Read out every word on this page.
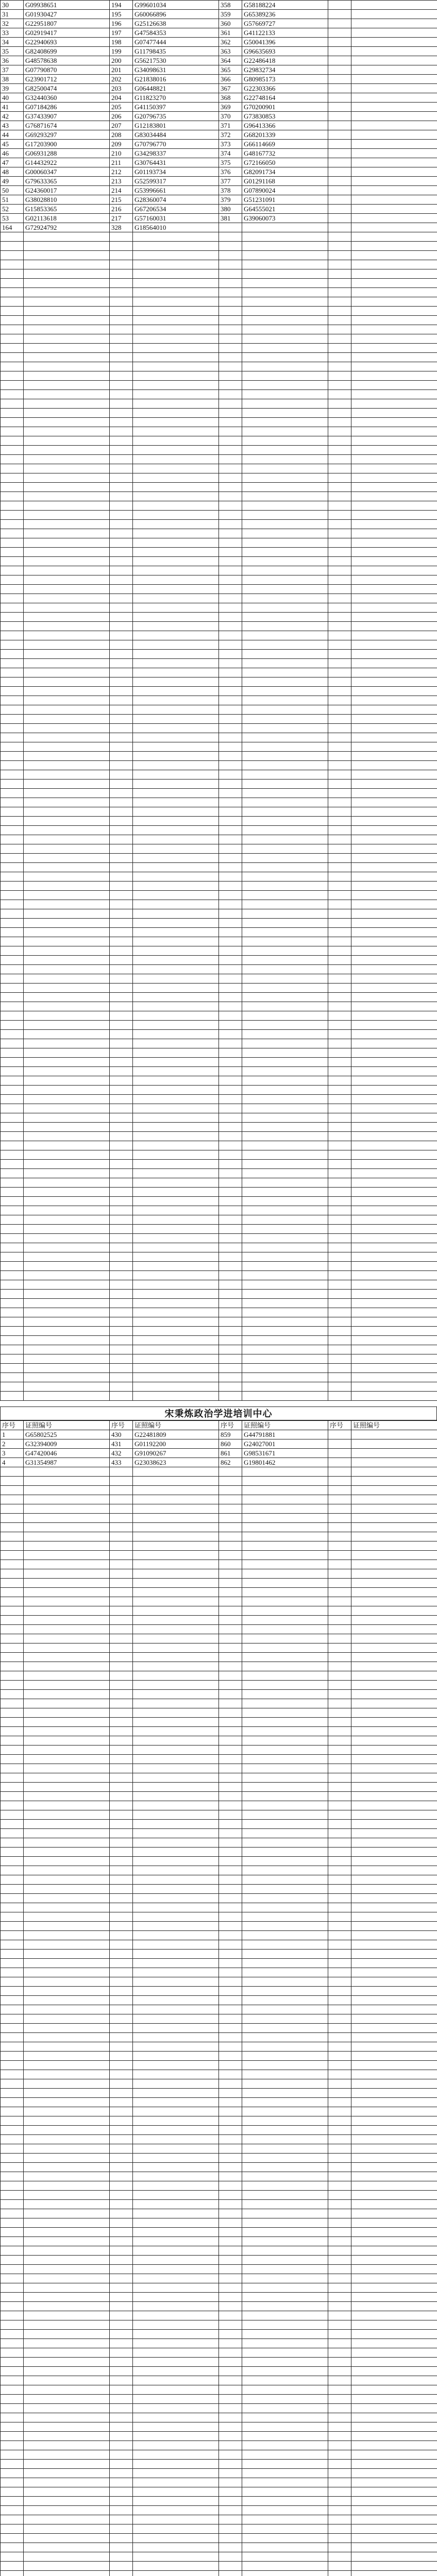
30	G09938651	194	G99601034	358	G58188224		
31	G01930427	195	G60066896	359	G65389236		
32	G22951807	196	G25126638	360	G57669727		
33	G02919417	197	G47584353	361	G41122133		
34	G22940693	198	G07477444	362	G50041396		
35	G82408699	199	G11798435	363	G96635693		
36	G48578638	200	G56217530	364	G22486418		
37	G07790870	201	G34098631	365	G29832734		
38	G23901712	202	G21838016	366	G80985173		
39	G82500474	203	G06448821	367	G22303366		
40	G32440360	204	G11823270	368	G22748164		
41	G07184286	205	G41150397	369	G70200901		
42	G37433907	206	G20796735	370	G73830853		
43	G76871674	207	G12183801	371	G96413366		
44	G69293297	208	G83034484	372	G68201339		
45	G17203900	209	G70796770	373	G66114669		
46	G06931288	210	G34298337	374	G48167732		
47	G14432922	211	G30764431	375	G72166050		
48	G00060347	212	G01193734	376	G82091734		
49	G79633365	213	G52599317	377	G01291168		
50	G24360017	214	G53996661	378	G07890024		
51	G38028810	215	G28360074	379	G51231091		
52	G15853365	216	G67206534	380	G64555021		
53	G02113618	217	G57160031	381	G39060073		
164	G72924792	328	G18564010				

宋秉炼政治学进培训中心
序号	证照编号	序号	证照编号	序号	证照编号	序号	证照编号
1	G65802525	430	G22481809	859	G44791881		
2	G32394009	431	G01192200	860	G24027001		
3	G47420046	432	G91090267	861	G98531671		
4	G31354987	433	G23038623	862	G19801462		
